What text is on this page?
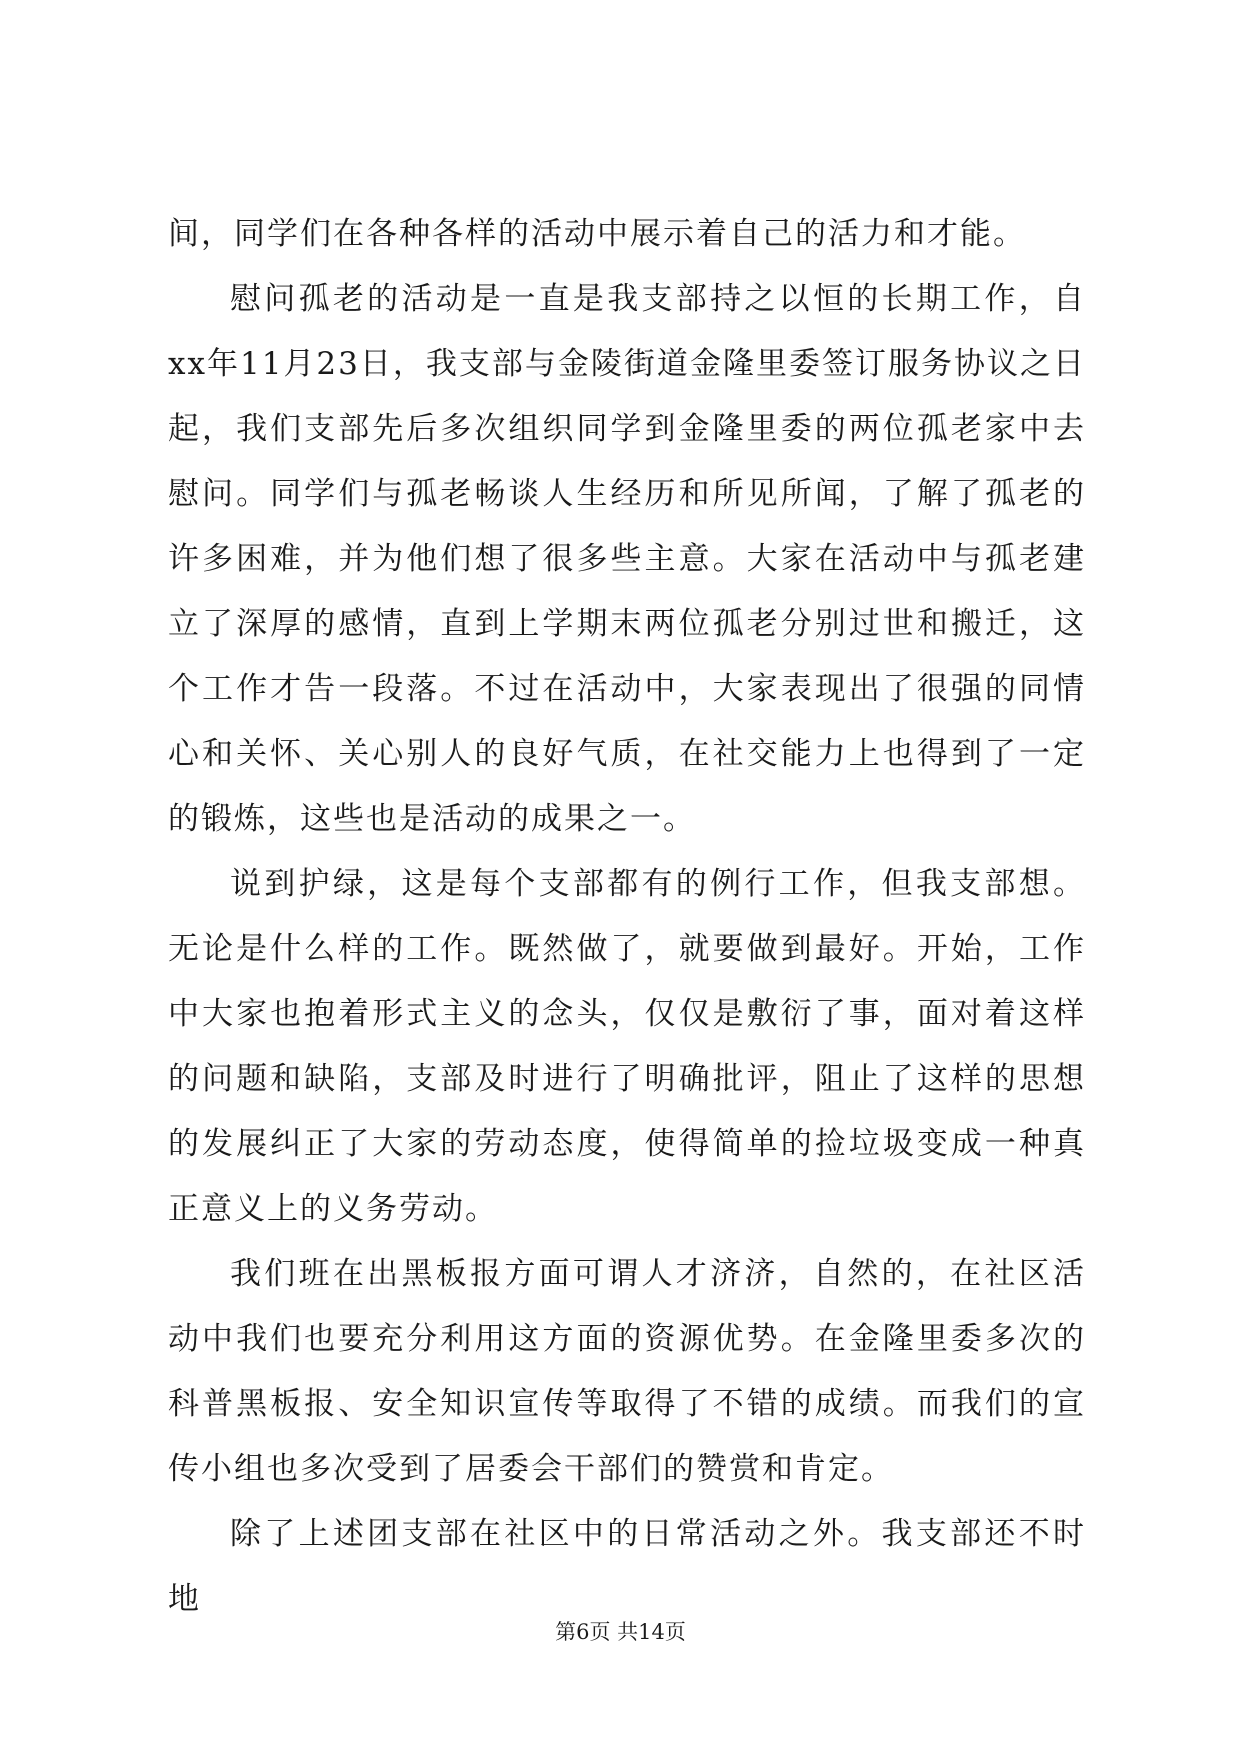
间，同学们在各种各样的活动中展示着自己的活力和才能。

慰问孤老的活动是一直是我支部持之以恒的长期工作，自xx年11月23日，我支部与金陵街道金隆里委签订服务协议之日起，我们支部先后多次组织同学到金隆里委的两位孤老家中去慰问。同学们与孤老畅谈人生经历和所见所闻，了解了孤老的许多困难，并为他们想了很多些主意。大家在活动中与孤老建立了深厚的感情，直到上学期末两位孤老分别过世和搬迁，这个工作才告一段落。不过在活动中，大家表现出了很强的同情心和关怀、关心别人的良好气质，在社交能力上也得到了一定的锻炼，这些也是活动的成果之一。

说到护绿，这是每个支部都有的例行工作，但我支部想。无论是什么样的工作。既然做了，就要做到最好。开始，工作中大家也抱着形式主义的念头，仅仅是敷衍了事，面对着这样的问题和缺陷，支部及时进行了明确批评，阻止了这样的思想的发展纠正了大家的劳动态度，使得简单的捡垃圾变成一种真正意义上的义务劳动。

我们班在出黑板报方面可谓人才济济，自然的，在社区活动中我们也要充分利用这方面的资源优势。在金隆里委多次的科普黑板报、安全知识宣传等取得了不错的成绩。而我们的宣传小组也多次受到了居委会干部们的赞赏和肯定。

除了上述团支部在社区中的日常活动之外。我支部还不时地

第6页 共14页
